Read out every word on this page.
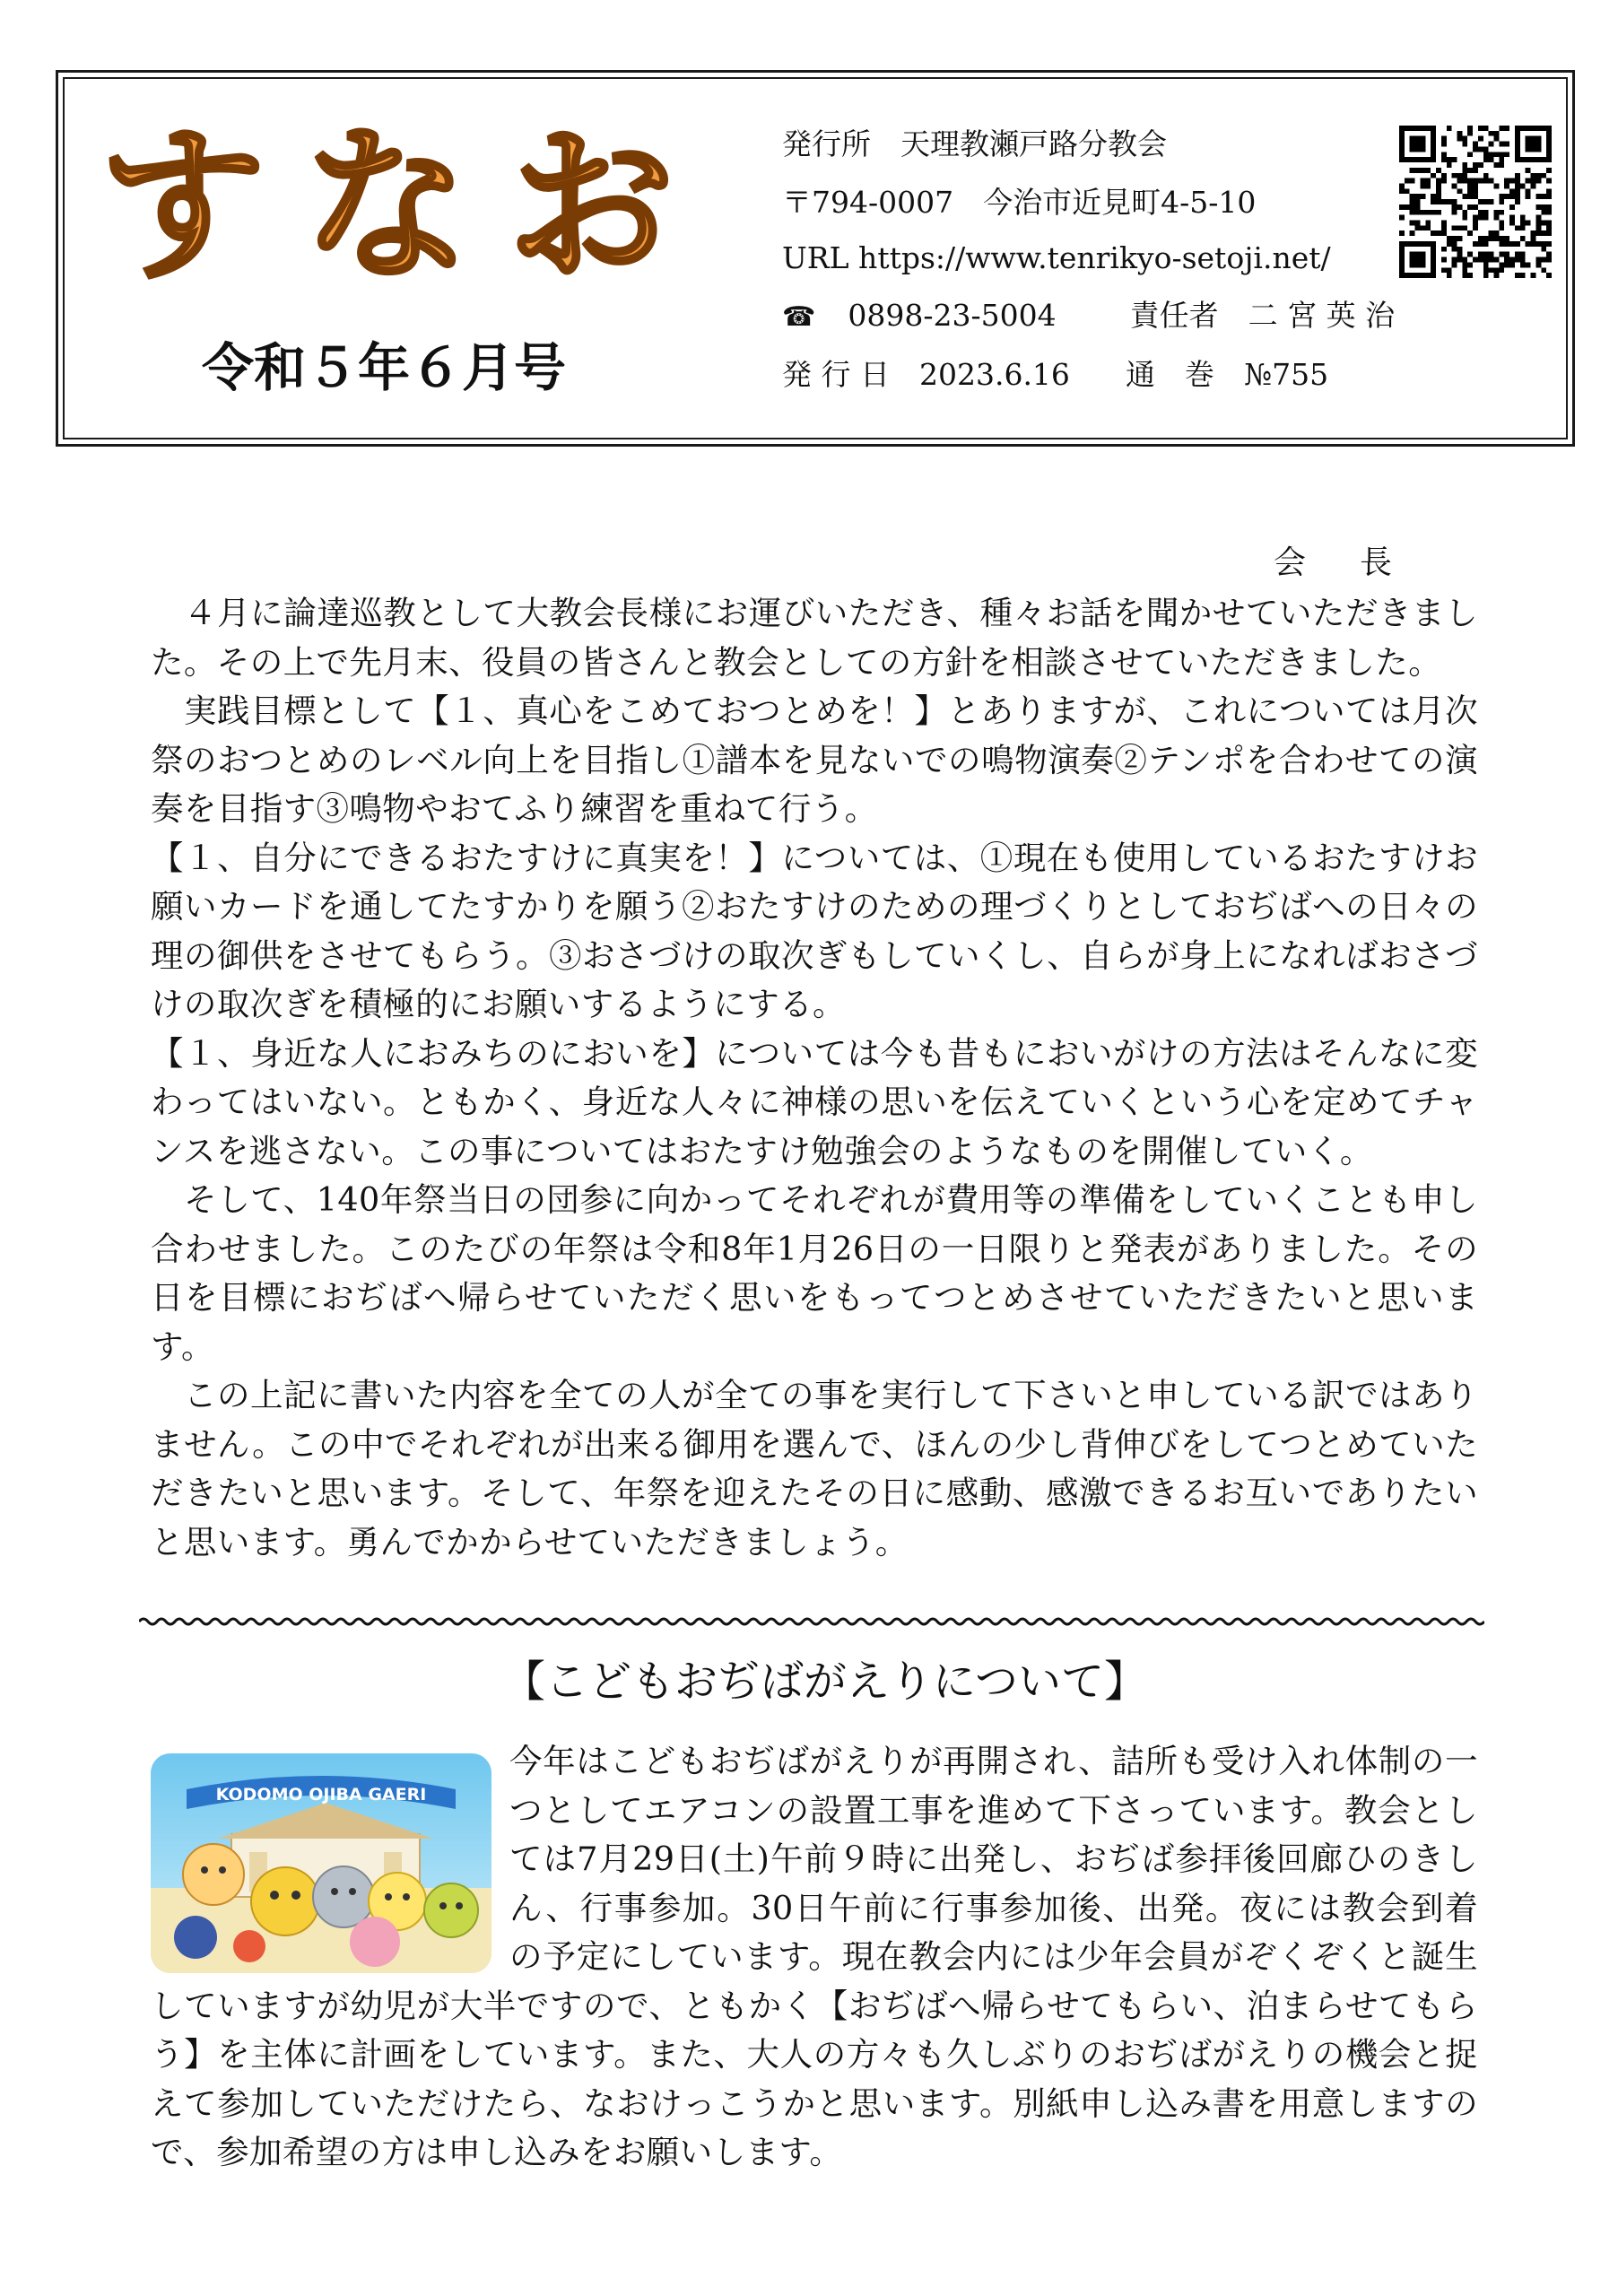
すなお
令和５年６月号
発行所　天理教瀬戸路分教会
〒794-0007　今治市近見町4-5-10
URL https://www.tenrikyo-setoji.net/
☎ 0898-23-5004 責任者　二 宮 英 治
発 行 日　2023.6.16 通　巻　№755
会長

　４月に論達巡教として大教会長様にお運びいただき、種々お話を聞かせていただきました。その上で先月末、役員の皆さんと教会としての方針を相談させていただきました。

　実践目標として【１、真心をこめておつとめを！】とありますが、これについては月次祭のおつとめのレベル向上を目指し①譜本を見ないでの鳴物演奏②テンポを合わせての演奏を目指す③鳴物やおてふり練習を重ねて行う。

【１、自分にできるおたすけに真実を！】については、①現在も使用しているおたすけお願いカードを通してたすかりを願う②おたすけのための理づくりとしておぢばへの日々の理の御供をさせてもらう。③おさづけの取次ぎもしていくし、自らが身上になればおさづけの取次ぎを積極的にお願いするようにする。

【１、身近な人におみちのにおいを】については今も昔もにおいがけの方法はそんなに変わってはいない。ともかく、身近な人々に神様の思いを伝えていくという心を定めてチャンスを逃さない。この事についてはおたすけ勉強会のようなものを開催していく。

　そして、140年祭当日の団参に向かってそれぞれが費用等の準備をしていくことも申し合わせました。このたびの年祭は令和8年1月26日の一日限りと発表がありました。その日を目標におぢばへ帰らせていただく思いをもってつとめさせていただきたいと思います。

　この上記に書いた内容を全ての人が全ての事を実行して下さいと申している訳ではありません。この中でそれぞれが出来る御用を選んで、ほんの少し背伸びをしてつとめていただきたいと思います。そして、年祭を迎えたその日に感動、感激できるお互いでありたいと思います。勇んでかからせていただきましょう。

【こどもおぢばがえりについて】
今年はこどもおぢばがえりが再開され、詰所も受け入れ体制の一つとしてエアコンの設置工事を進めて下さっています。教会としては7月29日(土)午前９時に出発し、おぢば参拝後回廊ひのきしん、行事参加。30日午前に行事参加後、出発。夜には教会到着の予定にしています。現在教会内には少年会員がぞくぞくと誕生していますが幼児が大半ですので、ともかく【おぢばへ帰らせてもらい、泊まらせてもらう】を主体に計画をしています。また、大人の方々も久しぶりのおぢばがえりの機会と捉えて参加していただけたら、なおけっこうかと思います。別紙申し込み書を用意しますので、参加希望の方は申し込みをお願いします。
KODOMO OJIBA GAERI
